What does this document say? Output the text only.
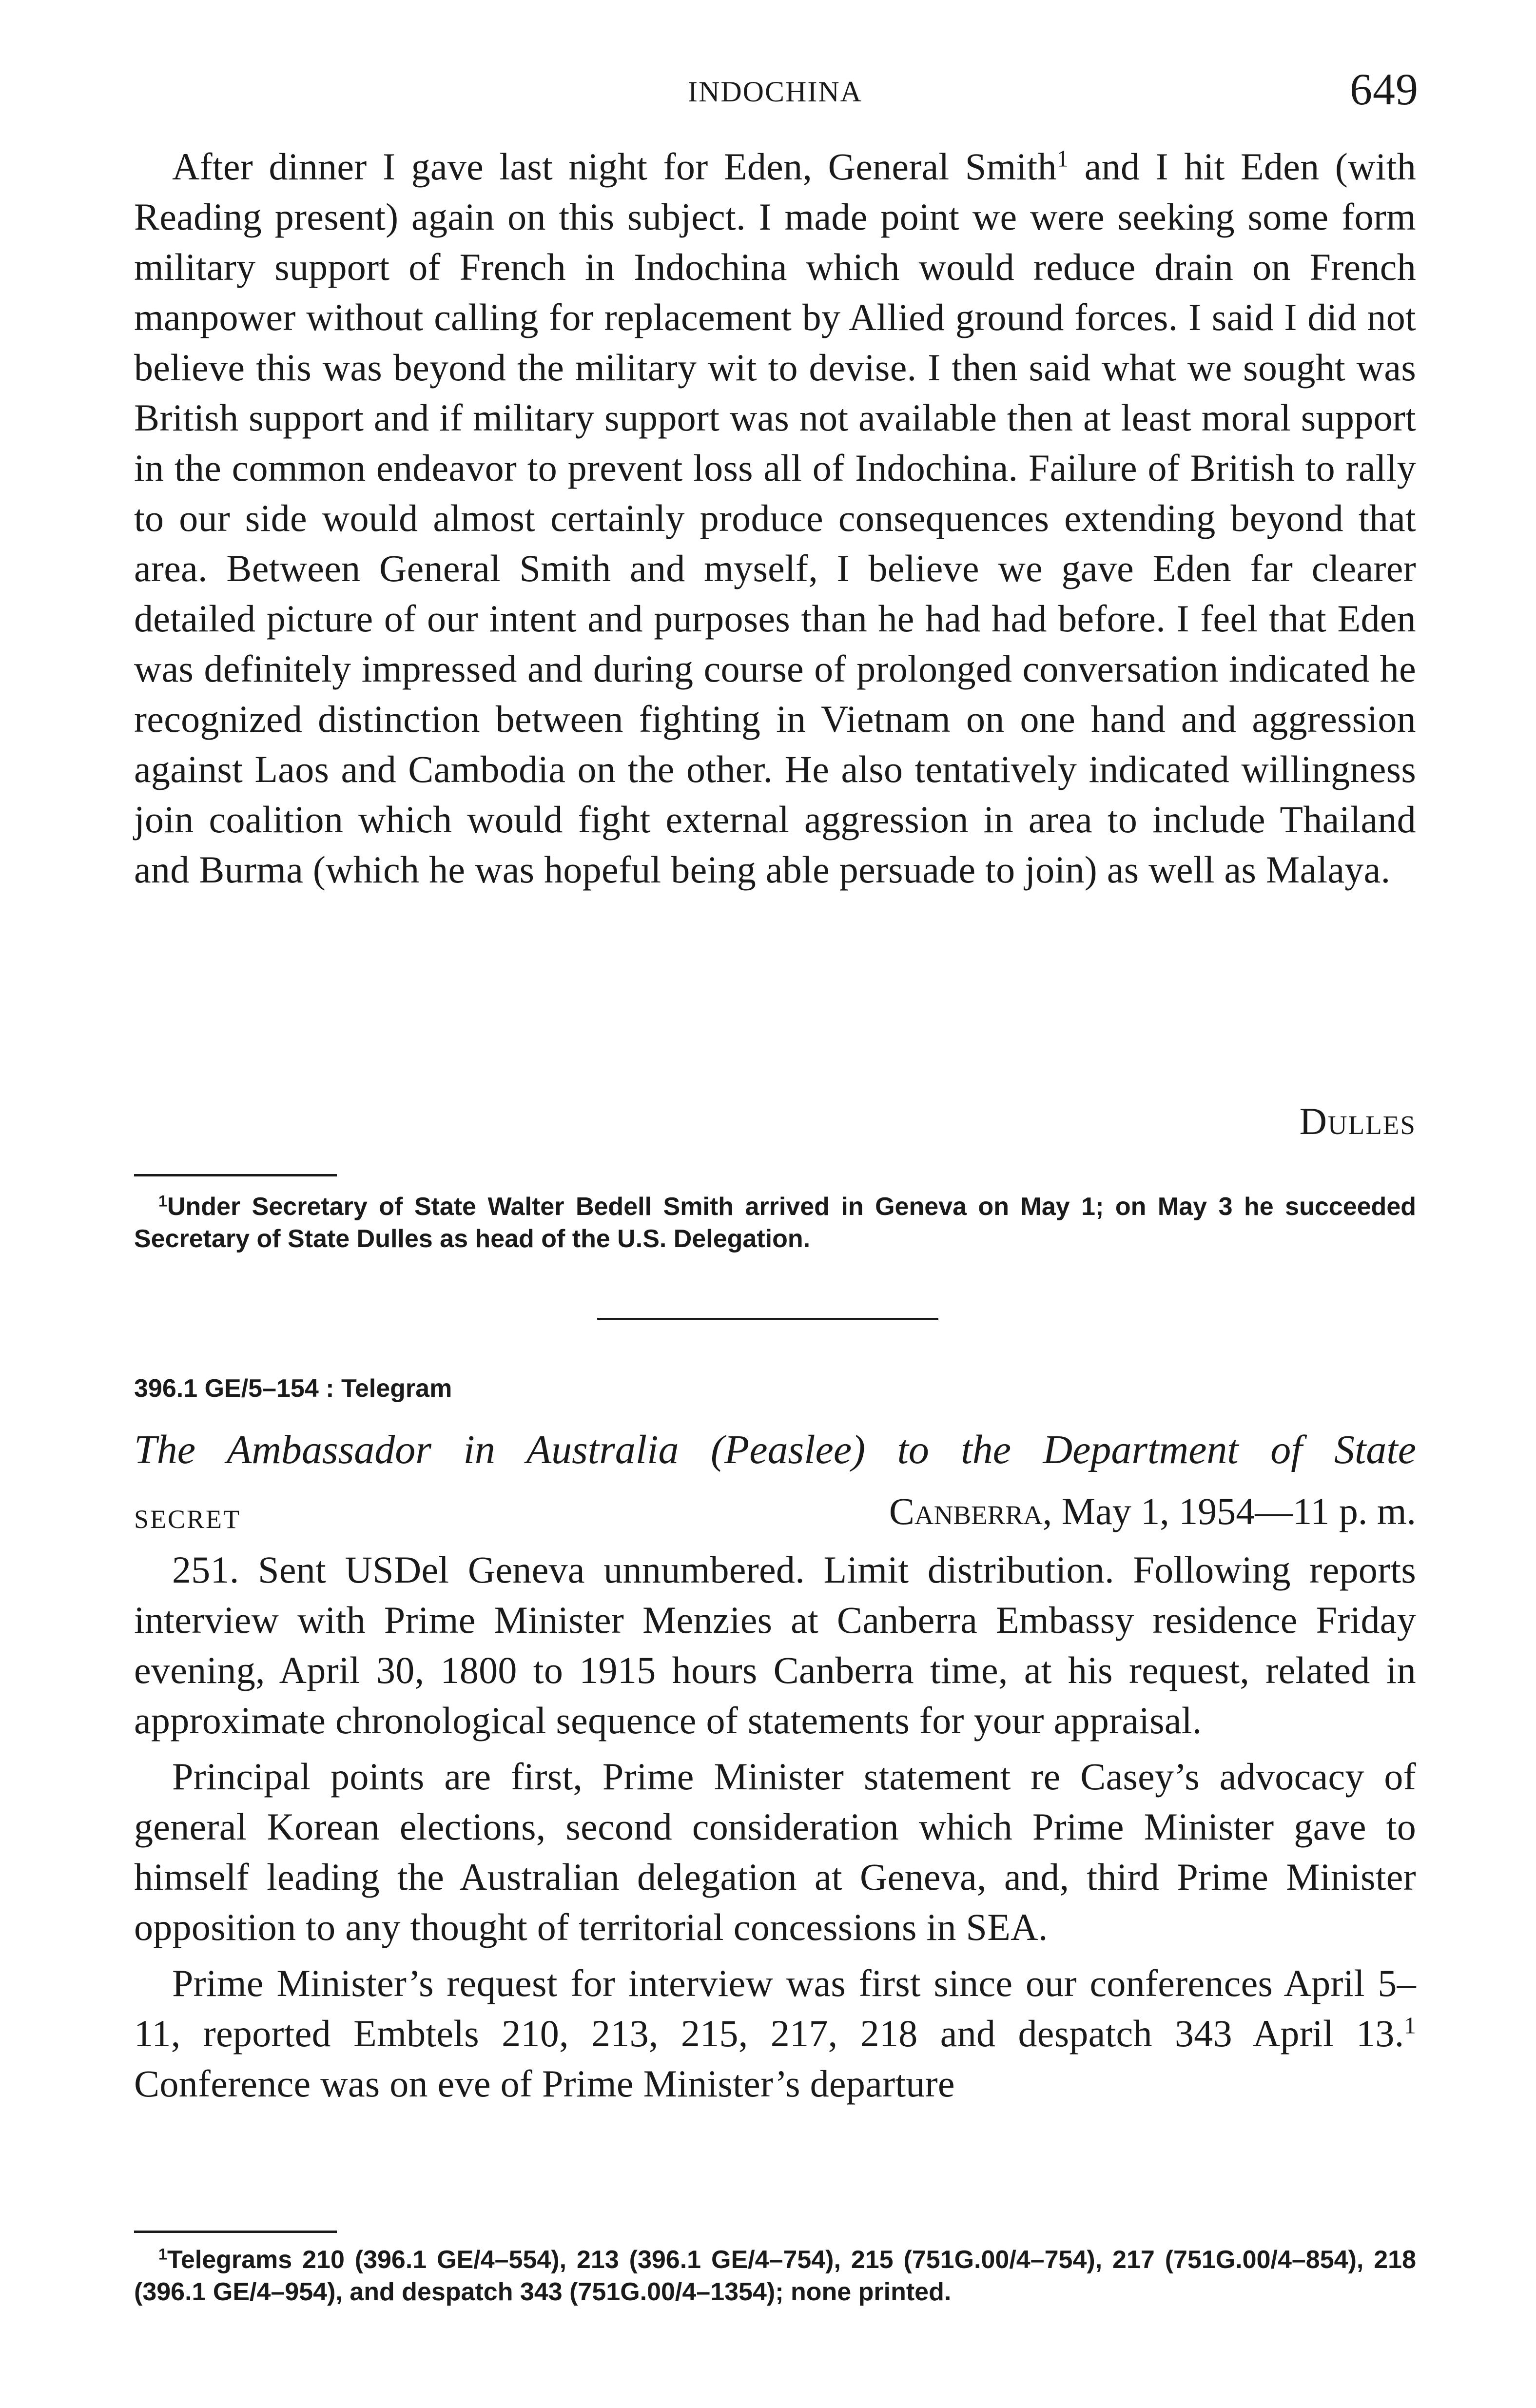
INDOCHINA	649

After dinner I gave last night for Eden, General Smith$^1$ and I hit Eden (with Reading present) again on this subject. I made point we were seeking some form military support of French in Indochina which would reduce drain on French manpower without calling for replacement by Allied ground forces. I said I did not believe this was beyond the military wit to devise. I then said what we sought was British support and if military support was not available then at least moral support in the common endeavor to prevent loss all of Indochina. Failure of British to rally to our side would almost certainly produce consequences extending beyond that area. Between General Smith and myself, I believe we gave Eden far clearer detailed picture of our intent and purposes than he had had before. I feel that Eden was definitely impressed and during course of prolonged conversation indicated he recognized distinction between fighting in Vietnam on one hand and aggression against Laos and Cambodia on the other. He also tentatively indicated willingness join coalition which would fight external aggression in area to include Thailand and Burma (which he was hopeful being able persuade to join) as well as Malaya.

Dulles

$^1$Under Secretary of State Walter Bedell Smith arrived in Geneva on May 1; on May 3 he succeeded Secretary of State Dulles as head of the U.S. Delegation.

396.1 GE/5–154 : Telegram
The Ambassador in Australia (Peaslee) to the Department of State
SECRET	Canberra, May 1, 1954—11 p. m.

251. Sent USDel Geneva unnumbered. Limit distribution. Following reports interview with Prime Minister Menzies at Canberra Embassy residence Friday evening, April 30, 1800 to 1915 hours Canberra time, at his request, related in approximate chronological sequence of statements for your appraisal.

Principal points are first, Prime Minister statement re Casey’s advocacy of general Korean elections, second consideration which Prime Minister gave to himself leading the Australian delegation at Geneva, and, third Prime Minister opposition to any thought of territorial concessions in SEA.

Prime Minister’s request for interview was first since our conferences April 5–11, reported Embtels 210, 213, 215, 217, 218 and despatch 343 April 13.$^1$ Conference was on eve of Prime Minister’s departure

$^1$Telegrams 210 (396.1 GE/4–554), 213 (396.1 GE/4–754), 215 (751G.00/4–754), 217 (751G.00/4–854), 218 (396.1 GE/4–954), and despatch 343 (751G.00/4–1354); none printed.
